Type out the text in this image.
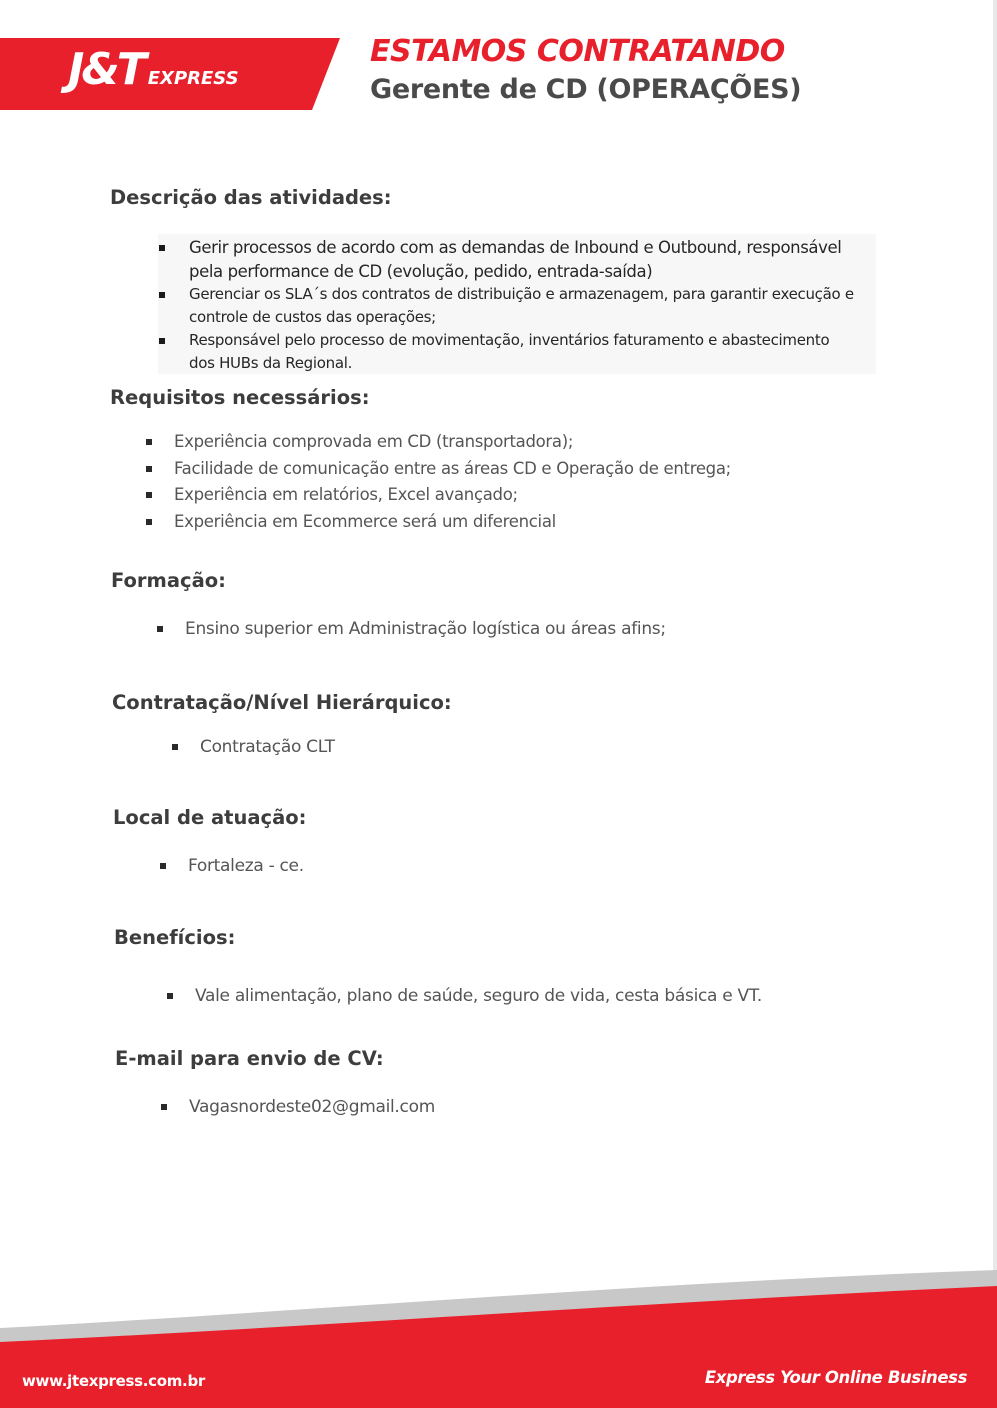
J&T EXPRESS
ESTAMOS CONTRATANDO
Gerente de CD (OPERAÇÕES)
Descrição das atividades:
Gerir processos de acordo com as demandas de Inbound e Outbound, responsável
pela performance de CD (evolução, pedido, entrada-saída)
Gerenciar os SLA´s dos contratos de distribuição e armazenagem, para garantir execução e
controle de custos das operações;
Responsável pelo processo de movimentação, inventários faturamento e abastecimento
dos HUBs da Regional.
Requisitos necessários:
Experiência comprovada em CD (transportadora);
Facilidade de comunicação entre as áreas CD e Operação de entrega;
Experiência em relatórios, Excel avançado;
Experiência em Ecommerce será um diferencial
Formação:
Ensino superior em Administração logística ou áreas afins;
Contratação/Nível Hierárquico:
Contratação CLT
Local de atuação:
Fortaleza - ce.
Benefícios:
Vale alimentação, plano de saúde, seguro de vida, cesta básica e VT.
E-mail para envio de CV:
Vagasnordeste02@gmail.com
www.jtexpress.com.br	Express Your Online Business
